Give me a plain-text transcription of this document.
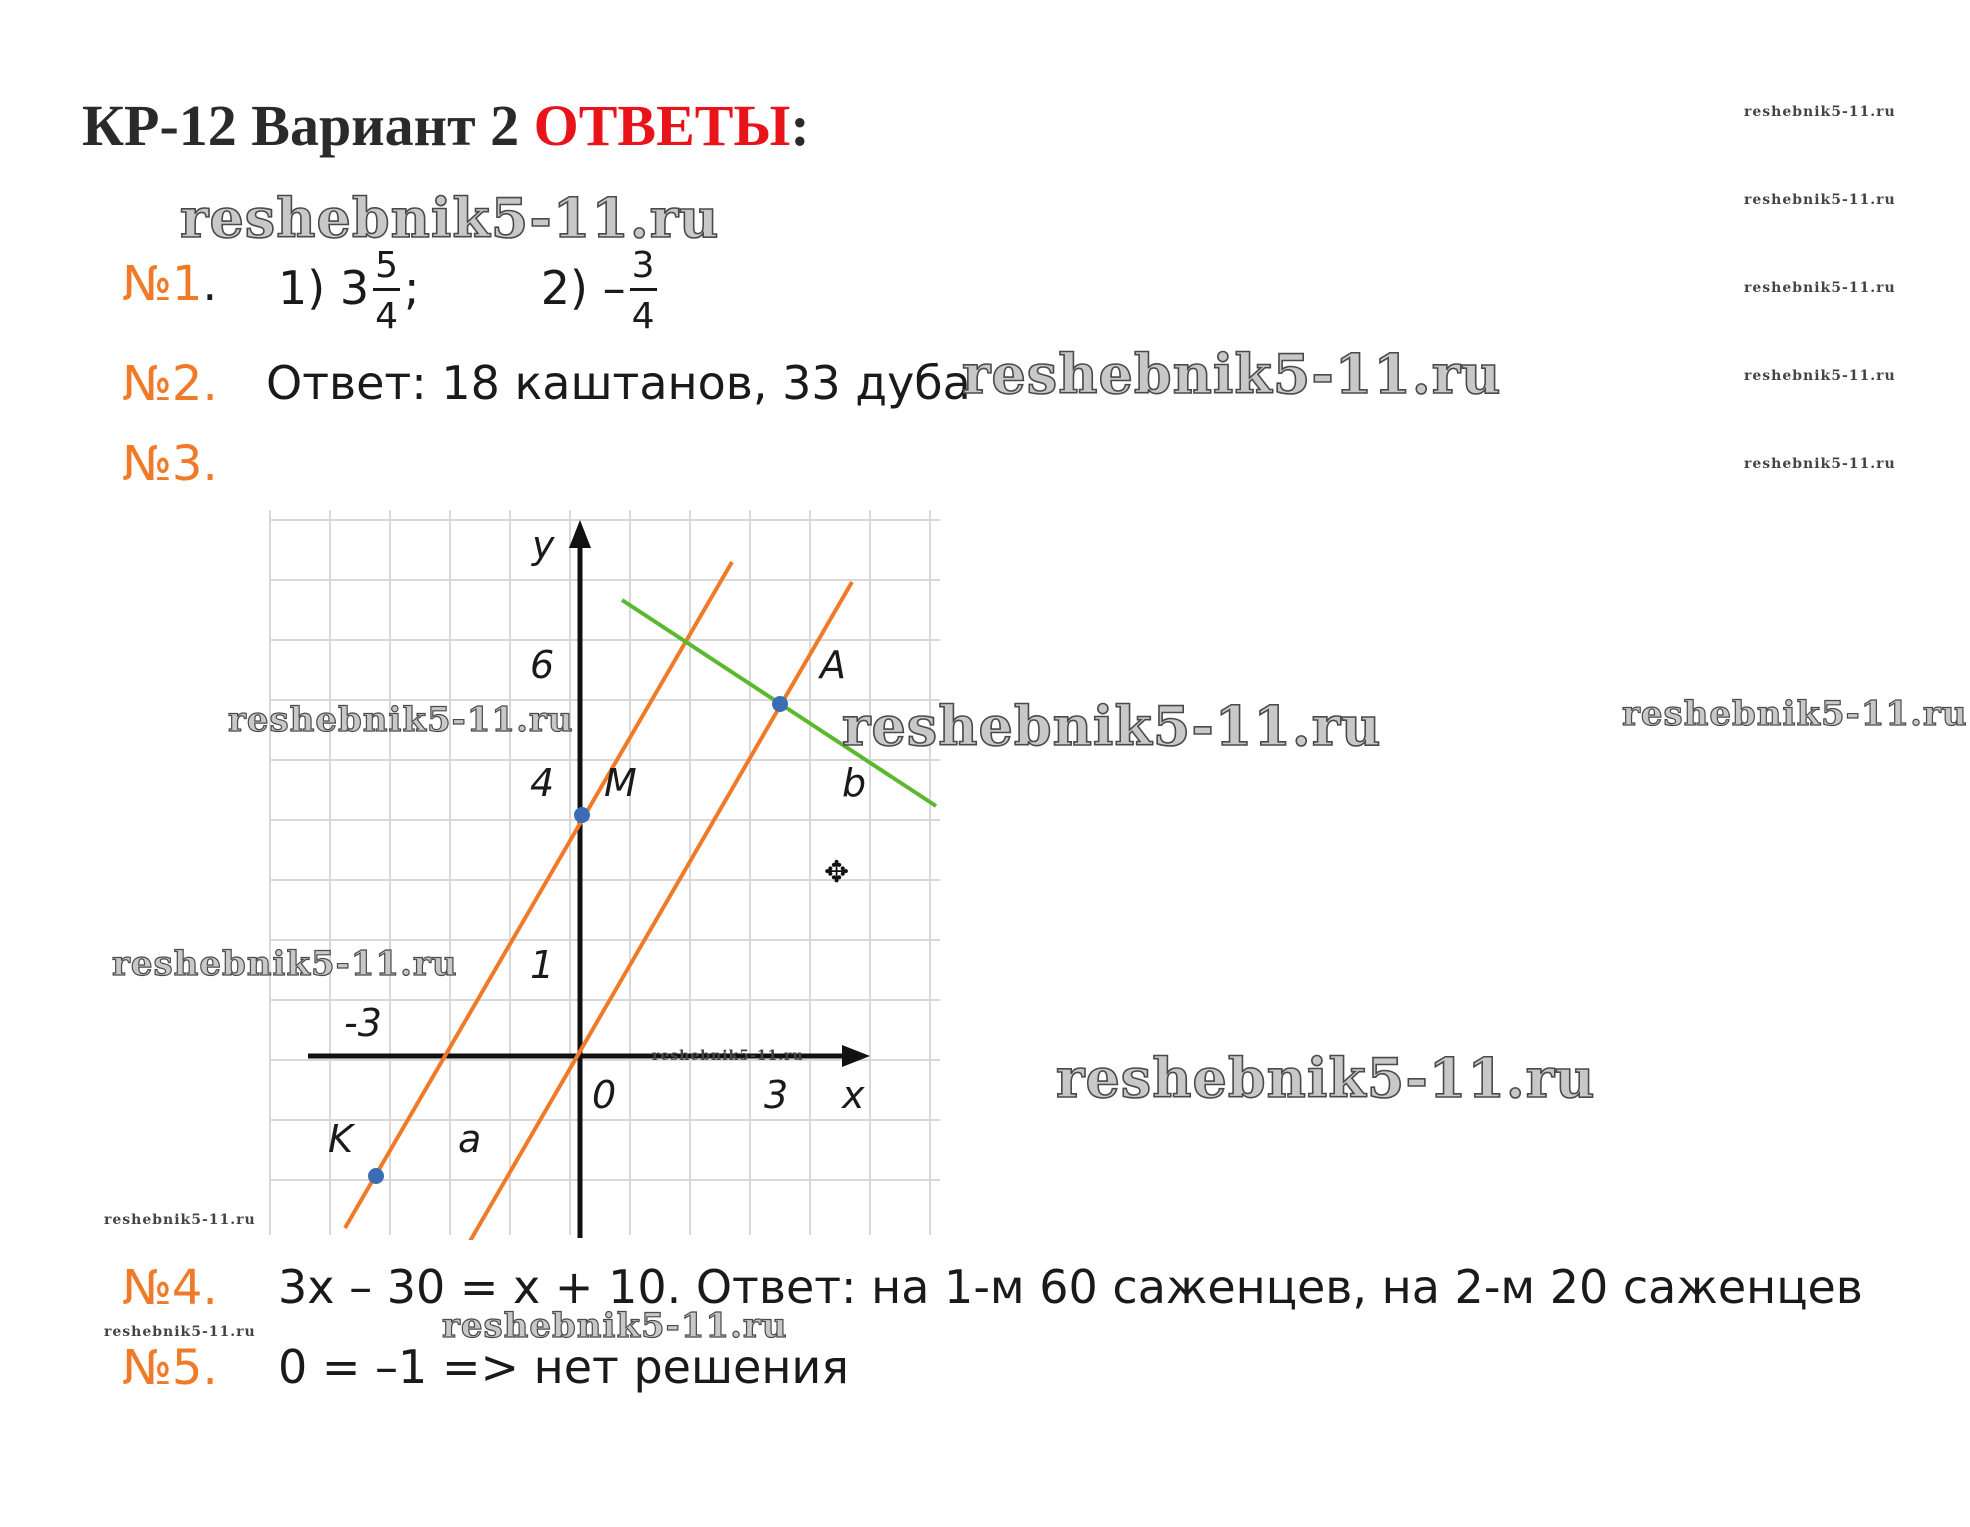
КР-12 Вариант 2 ОТВЕТЫ:
№1. 1) $3 \frac{5}{4}$ ;	$2) - \frac{3}{4}$
№2. Ответ: 18 каштанов, 33 дуба
№3.
y
x
0
6
4
1
-3
3
A
M
K	a
b
✥
№4. 3x – 30 = x + 10. Ответ: на 1-м 60 саженцев, на 2-м 20 саженцев
№5. 0 = –1 => нет решения
reshebnik5-11.ru
reshebnik5-11.ru
reshebnik5-11.ru
reshebnik5-11.ru
reshebnik5-11.ru
reshebnik5-11.ru
reshebnik5-11.ru
reshebnik5-11.ru
reshebnik5-11.ru
reshebnik5-11.ru
reshebnik5-11.ru
reshebnik5-11.ru
reshebnik5-11.ru
reshebnik5-11.ru
reshebnik5-11.ru
reshebnik5-11.ru
